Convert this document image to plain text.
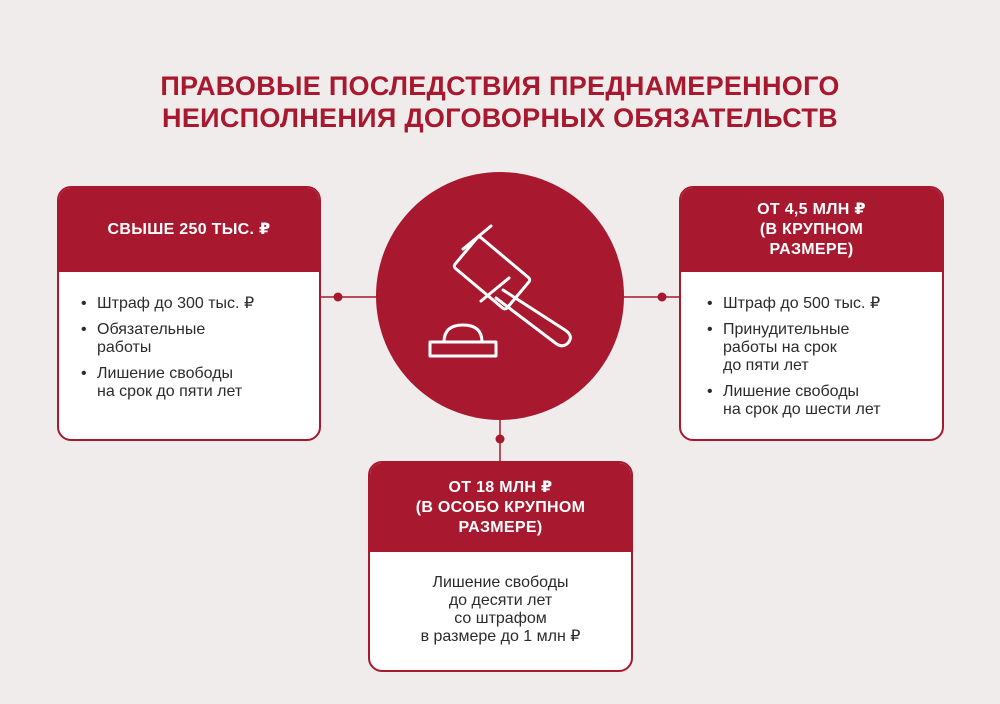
ПРАВОВЫЕ ПОСЛЕДСТВИЯ ПРЕДНАМЕРЕННОГО
НЕИСПОЛНЕНИЯ ДОГОВОРНЫХ ОБЯЗАТЕЛЬСТВ
СВЫШЕ 250 ТЫС. ₽
• Штраф до 300 тыс. ₽
• Обязательные
работы
• Лишение свободы
на срок до пяти лет
ОТ 4,5 МЛН ₽
(В КРУПНОМ
РАЗМЕРЕ)
• Штраф до 500 тыс. ₽
• Принудительные
работы на срок
до пяти лет
• Лишение свободы
на срок до шести лет
ОТ 18 МЛН ₽
(В ОСОБО КРУПНОМ
РАЗМЕРЕ)
Лишение свободы
до десяти лет
со штрафом
в размере до 1 млн ₽
